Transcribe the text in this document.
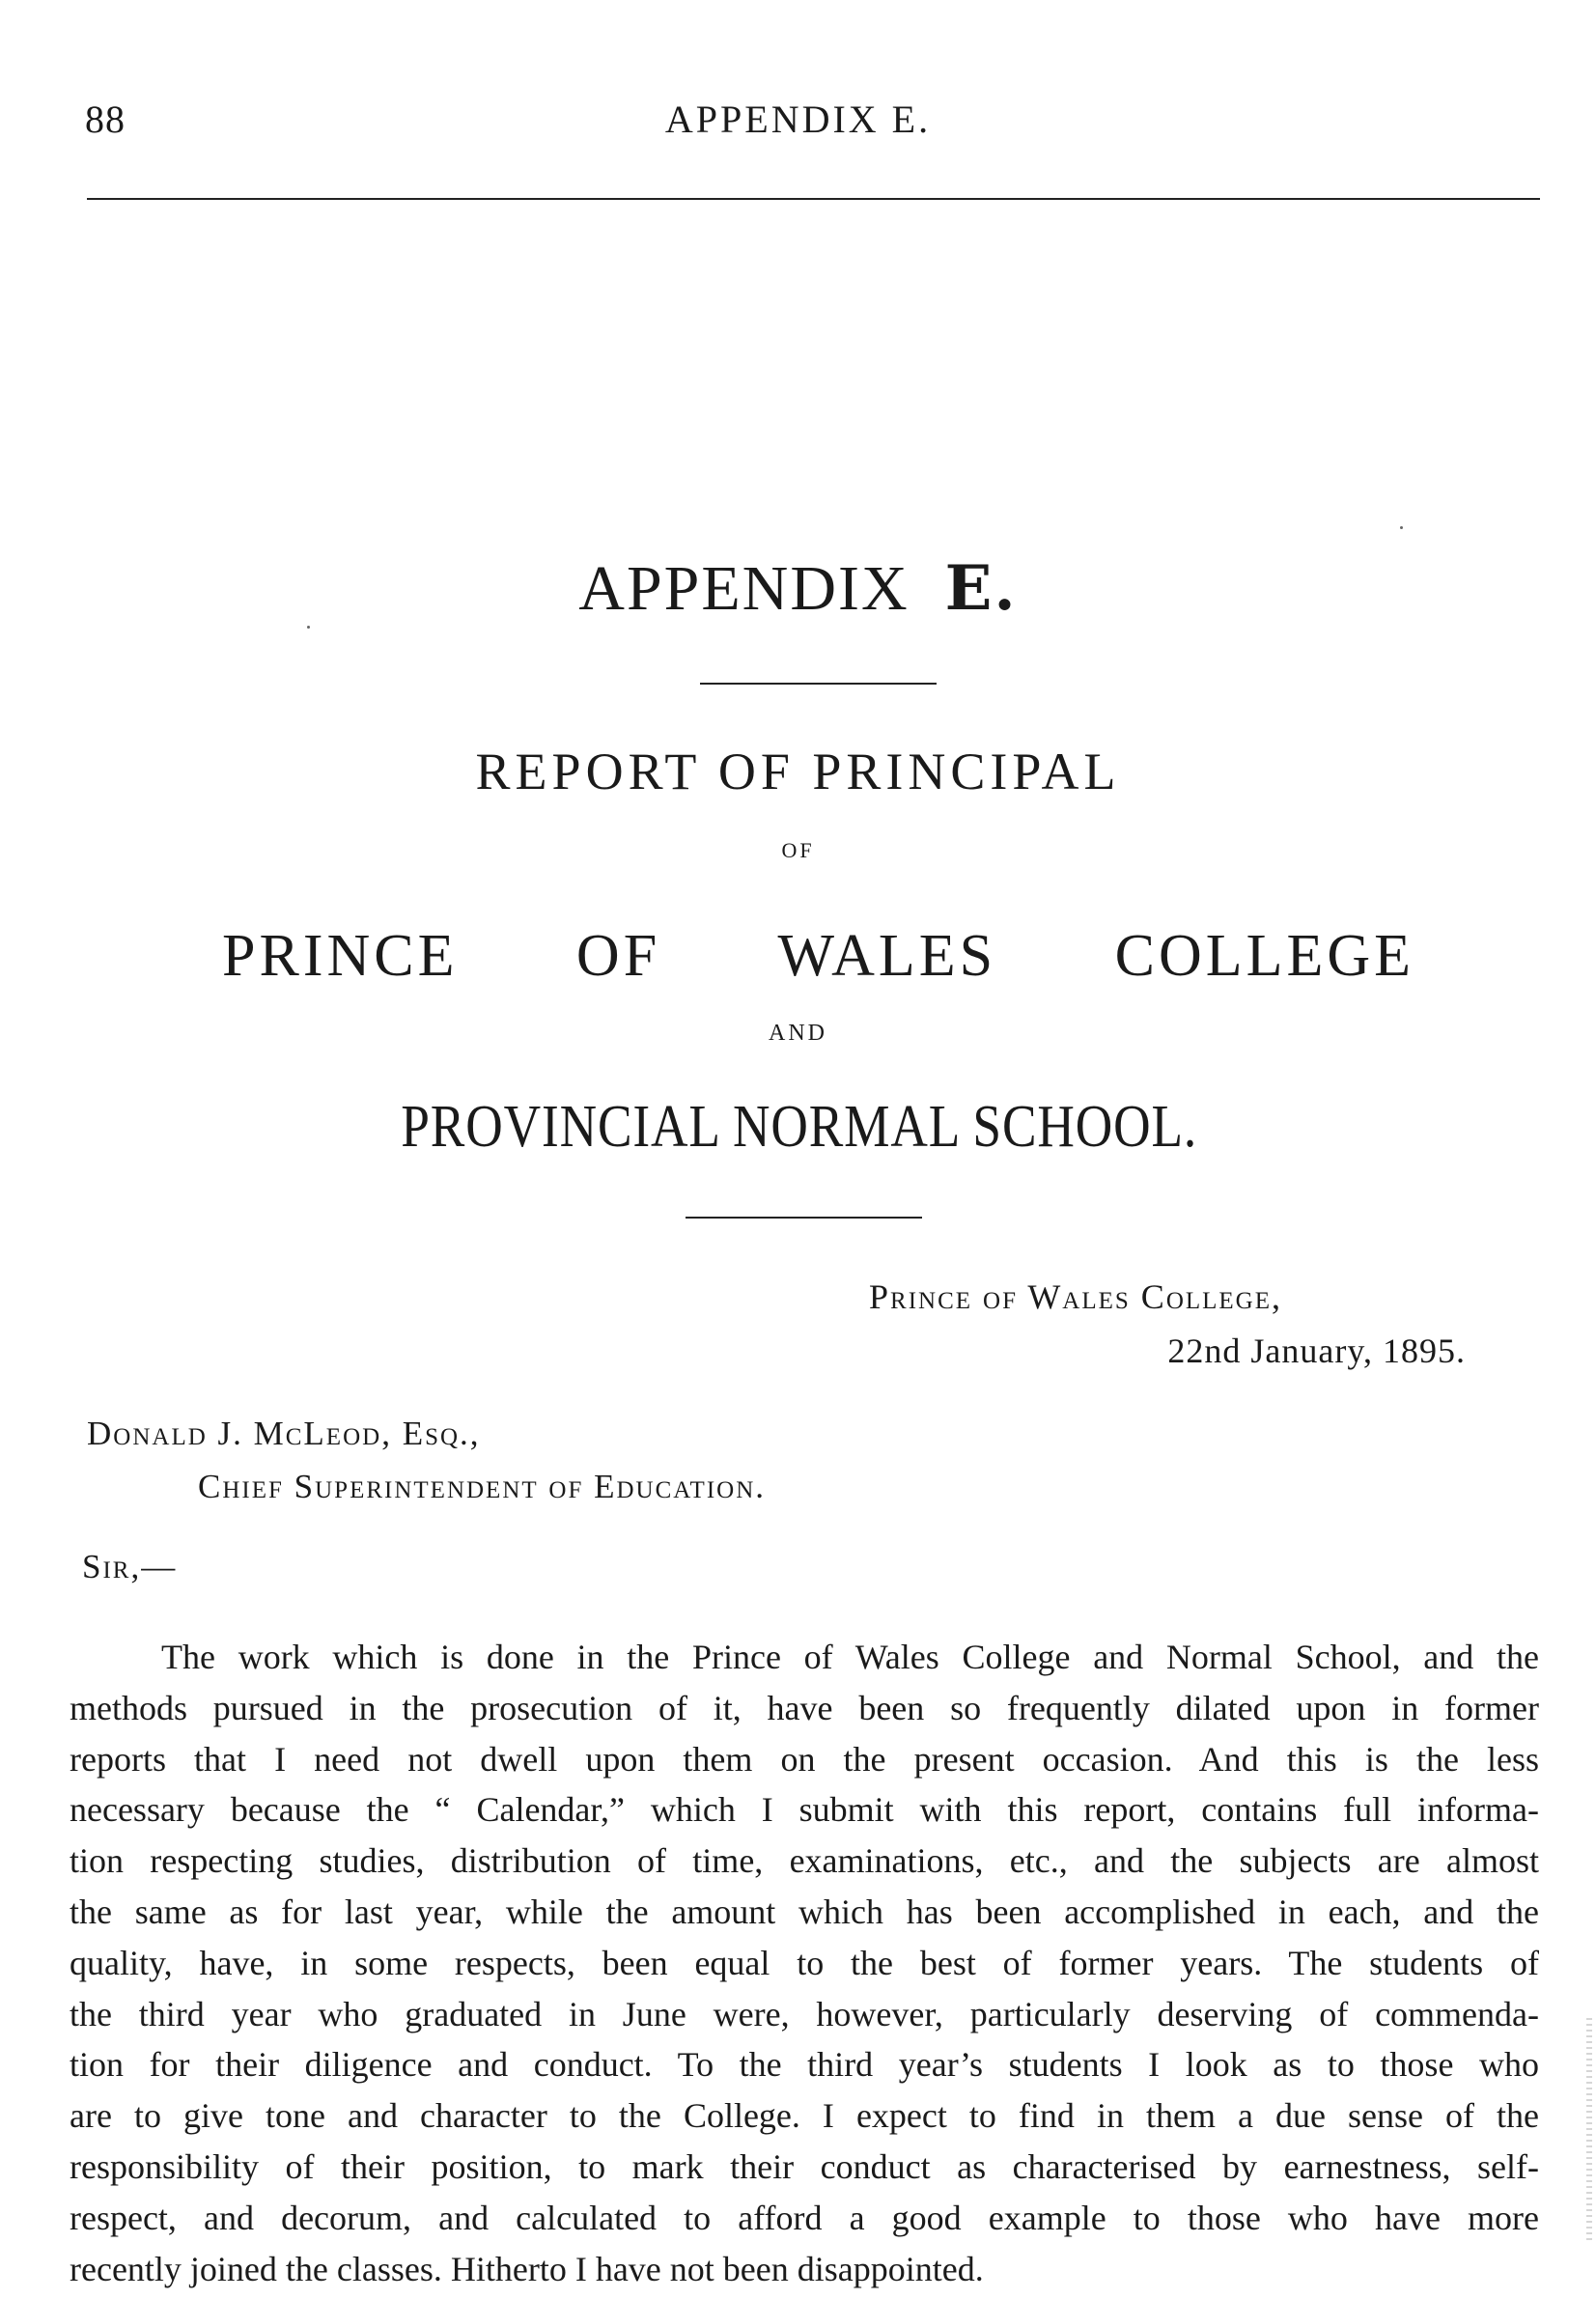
88	APPENDIX E.
APPENDIX E.
REPORT OF PRINCIPAL
OF
PRINCE OF WALES COLLEGE
AND
PROVINCIAL NORMAL SCHOOL.
Prince of Wales College,
22nd January, 1895.
Donald J. McLeod, Esq.,
Chief Superintendent of Education.
Sir,—
The work which is done in the Prince of Wales College and Normal School, and the
methods pursued in the prosecution of it, have been so frequently dilated upon in former
reports that I need not dwell upon them on the present occasion. And this is the less
necessary because the “ Calendar,” which I submit with this report, contains full informa-
tion respecting studies, distribution of time, examinations, etc., and the subjects are almost
the same as for last year, while the amount which has been accomplished in each, and the
quality, have, in some respects, been equal to the best of former years. The students of
the third year who graduated in June were, however, particularly deserving of commenda-
tion for their diligence and conduct. To the third year’s students I look as to those who
are to give tone and character to the College. I expect to find in them a due sense of the
responsibility of their position, to mark their conduct as characterised by earnestness, self-
respect, and decorum, and calculated to afford a good example to those who have more
recently joined the classes. Hitherto I have not been disappointed.
